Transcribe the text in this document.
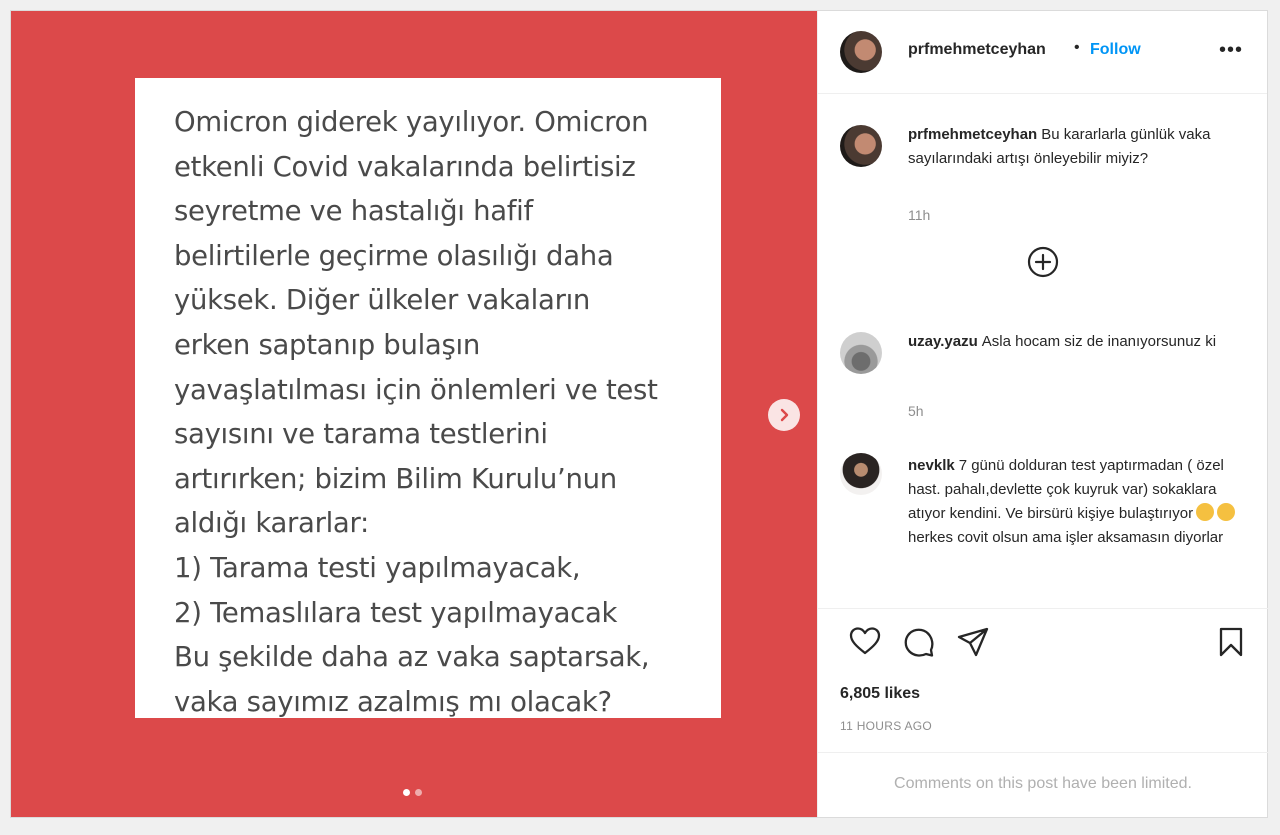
Omicron giderek yayılıyor. Omicron
etkenli Covid vakalarında belirtisiz
seyretme ve hastalığı hafif
belirtilerle geçirme olasılığı daha
yüksek. Diğer ülkeler vakaların
erken saptanıp bulaşın
yavaşlatılması için önlemleri ve test
sayısını ve tarama testlerini
artırırken; bizim Bilim Kurulu’nun
aldığı kararlar:
1) Tarama testi yapılmayacak,
2) Temaslılara test yapılmayacak
Bu şekilde daha az vaka saptarsak,
vaka sayımız azalmış mı olacak?

prfmehmetceyhan • Follow	•••
prfmehmetceyhan Bu kararlarla günlük vaka sayılarındaki artışı önleyebilir miyiz?
11h
uzay.yazu Asla hocam siz de inanıyorsunuz ki
5h
nevklk 7 günü dolduran test yaptırmadan ( özel hast. pahalı,devlette çok kuyruk var) sokaklara atıyor kendini. Ve birsürü kişiye bulaştırıyor
herkes covit olsun ama işler aksamasın diyorlar
6,805 likes
11 HOURS AGO
Comments on this post have been limited.
